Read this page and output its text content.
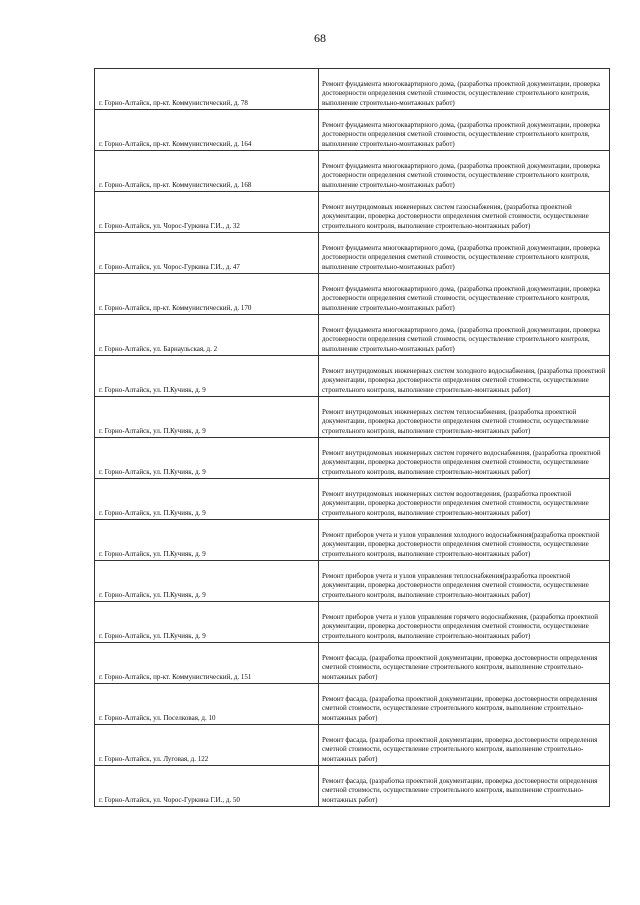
68
г. Горно-Алтайск, пр-кт. Коммунистический, д. 78	Ремонт фундамента многоквартирного дома, (разработка проектной документации, проверка достоверности определения сметной стоимости, осуществление строительного контроля, выполнение строительно-монтажных работ)

г. Горно-Алтайск, пр-кт. Коммунистический, д. 164	Ремонт фундамента многоквартирного дома, (разработка проектной документации, проверка достоверности определения сметной стоимости, осуществление строительного контроля, выполнение строительно-монтажных работ)

г. Горно-Алтайск, пр-кт. Коммунистический, д. 168	Ремонт фундамента многоквартирного дома, (разработка проектной документации, проверка достоверности определения сметной стоимости, осуществление строительного контроля, выполнение строительно-монтажных работ)

г. Горно-Алтайск, ул. Чорос-Гуркина Г.И., д. 32	Ремонт внутридомовых инженерных систем газоснабжения, (разработка проектной документации, проверка достоверности определения сметной стоимости, осуществление строительного контроля, выполнение строительно-монтажных работ)

г. Горно-Алтайск, ул. Чорос-Гуркина Г.И., д. 47	Ремонт фундамента многоквартирного дома, (разработка проектной документации, проверка достоверности определения сметной стоимости, осуществление строительного контроля, выполнение строительно-монтажных работ)

г. Горно-Алтайск, пр-кт. Коммунистический, д. 170	Ремонт фундамента многоквартирного дома, (разработка проектной документации, проверка достоверности определения сметной стоимости, осуществление строительного контроля, выполнение строительно-монтажных работ)

г. Горно-Алтайск, ул. Барнаульская, д. 2	Ремонт фундамента многоквартирного дома, (разработка проектной документации, проверка достоверности определения сметной стоимости, осуществление строительного контроля, выполнение строительно-монтажных работ)

г. Горно-Алтайск, ул. П.Кучияк, д. 9	Ремонт внутридомовых инженерных систем холодного водоснабжения, (разработка проектной документации, проверка достоверности определения сметной стоимости, осуществление строительного контроля, выполнение строительно-монтажных работ)

г. Горно-Алтайск, ул. П.Кучияк, д. 9	Ремонт внутридомовых инженерных систем теплоснабжения, (разработка проектной документации, проверка достоверности определения сметной стоимости, осуществление строительного контроля, выполнение строительно-монтажных работ)

г. Горно-Алтайск, ул. П.Кучияк, д. 9	Ремонт внутридомовых инженерных систем горячего водоснабжения, (разработка проектной документации, проверка достоверности определения сметной стоимости, осуществление строительного контроля, выполнение строительно-монтажных работ)

г. Горно-Алтайск, ул. П.Кучияк, д. 9	Ремонт внутридомовых инженерных систем водоотведения, (разработка проектной документации, проверка достоверности определения сметной стоимости, осуществление строительного контроля, выполнение строительно-монтажных работ)

г. Горно-Алтайск, ул. П.Кучияк, д. 9	Ремонт приборов учета и узлов управления холодного водоснабжения(разработка проектной документации, проверка достоверности определения сметной стоимости, осуществление строительного контроля, выполнение строительно-монтажных работ)

г. Горно-Алтайск, ул. П.Кучияк, д. 9	Ремонт приборов учета и узлов управления теплоснабжения(разработка проектной документации, проверка достоверности определения сметной стоимости, осуществление строительного контроля, выполнение строительно-монтажных работ)

г. Горно-Алтайск, ул. П.Кучияк, д. 9	Ремонт приборов учета и узлов управления горячего водоснабжения, (разработка проектной документации, проверка достоверности определения сметной стоимости, осуществление строительного контроля, выполнение строительно-монтажных работ)

г. Горно-Алтайск, пр-кт. Коммунистический, д. 151	Ремонт фасада, (разработка проектной документации, проверка достоверности определения сметной стоимости, осуществление строительного контроля, выполнение строительно-монтажных работ)

г. Горно-Алтайск, ул. Поселковая, д. 10	Ремонт фасада, (разработка проектной документации, проверка достоверности определения сметной стоимости, осуществление строительного контроля, выполнение строительно-монтажных работ)

г. Горно-Алтайск, ул. Луговая, д. 122	Ремонт фасада, (разработка проектной документации, проверка достоверности определения сметной стоимости, осуществление строительного контроля, выполнение строительно-монтажных работ)

г. Горно-Алтайск, ул. Чорос-Гуркина Г.И., д. 50	Ремонт фасада, (разработка проектной документации, проверка достоверности определения сметной стоимости, осуществление строительного контроля, выполнение строительно-монтажных работ)
